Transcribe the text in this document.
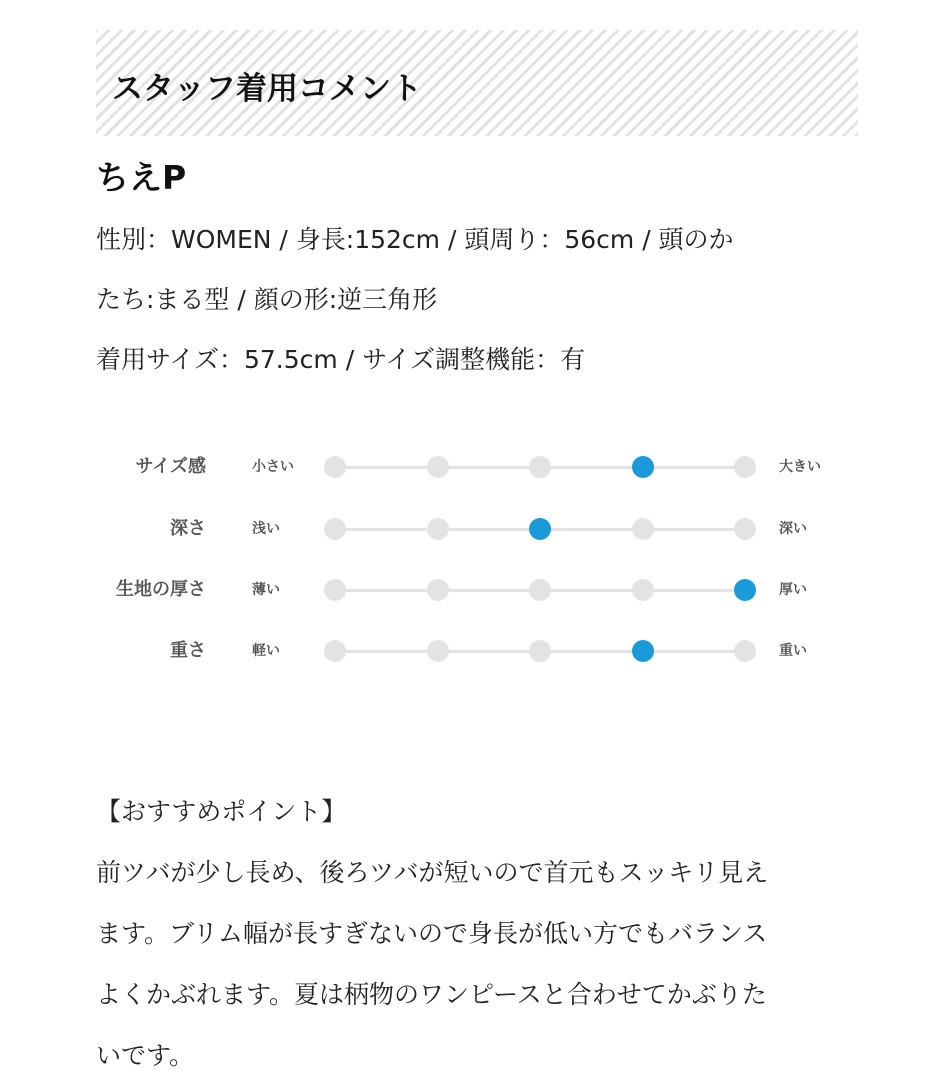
スタッフ着用コメント
ちえP

性別：WOMEN / 身長:152cm / 頭周り：56cm / 頭のか

たち:まる型 / 顔の形:逆三角形

着用サイズ：57.5cm / サイズ調整機能：有

サイズ感	小さい	大きい
深さ	浅い	深い
生地の厚さ	薄い	厚い
重さ	軽い	重い

【おすすめポイント】

前ツバが少し長め、後ろツバが短いので首元もスッキリ見え

ます。ブリム幅が長すぎないので身長が低い方でもバランス

よくかぶれます。夏は柄物のワンピースと合わせてかぶりた

いです。
